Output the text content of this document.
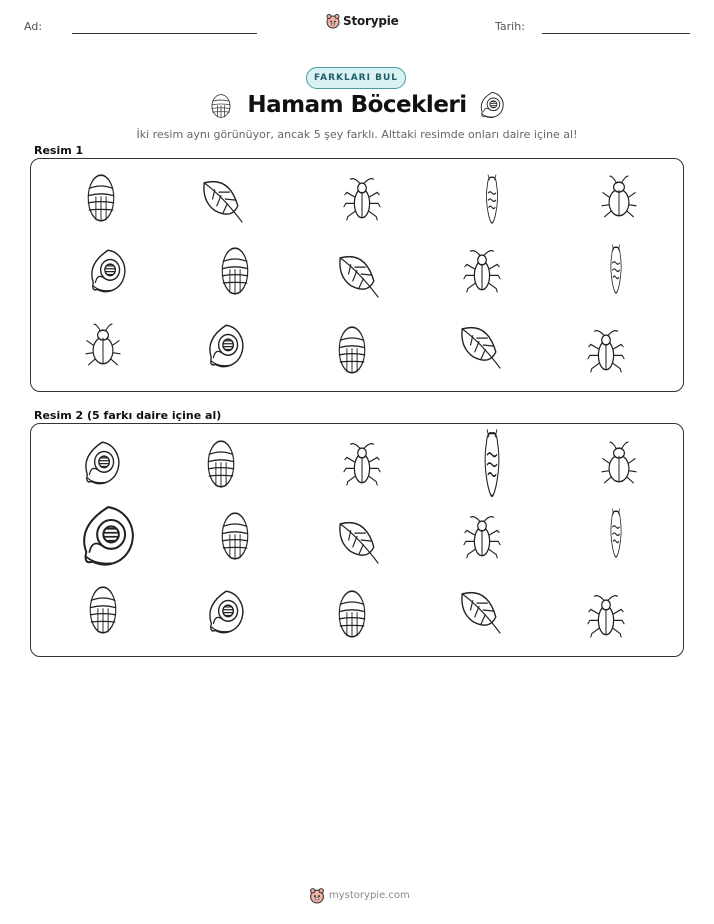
Ad:	Storypie	Tarih:
FARKLARI BUL
Hamam Böcekleri
İki resim aynı görünüyor, ancak 5 şey farklı. Alttaki resimde onları daire içine al!
Resim 1
Resim 2 (5 farkı daire içine al)
mystorypie.com
